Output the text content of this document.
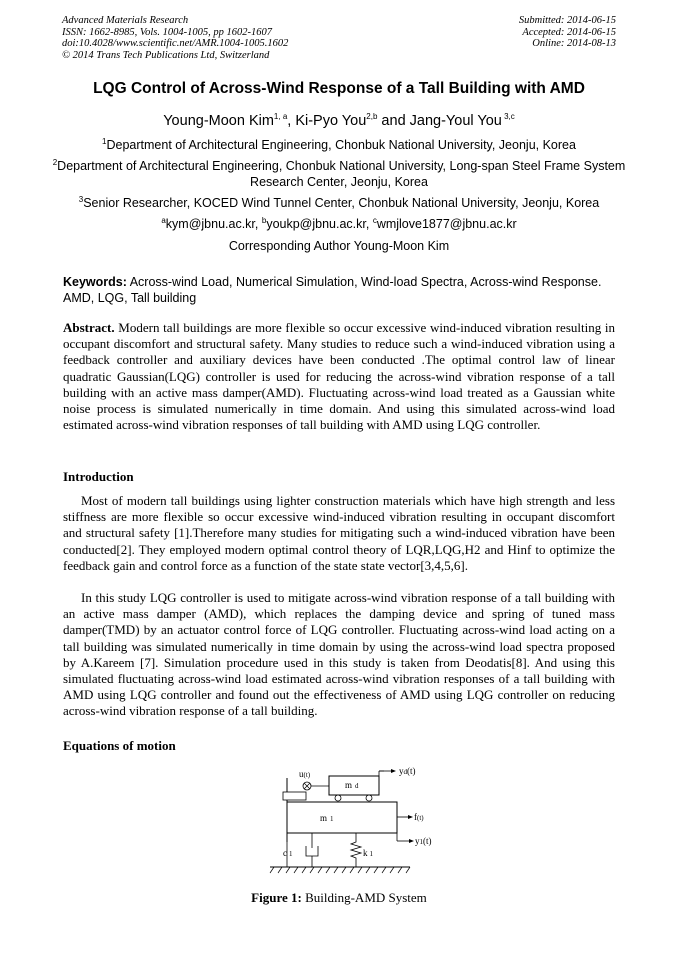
Advanced Materials Research
ISSN: 1662-8985, Vols. 1004-1005, pp 1602-1607
doi:10.4028/www.scientific.net/AMR.1004-1005.1602
© 2014 Trans Tech Publications Ltd, Switzerland
Submitted: 2014-06-15
Accepted: 2014-06-15
Online: 2014-08-13
LQG Control of Across-Wind Response of a Tall Building with AMD
Young-Moon Kim$^{1, a}$, Ki-Pyo You$^{2,b}$ and Jang-Youl You $^{3,c}$
$^1$Department of Architectural Engineering, Chonbuk National University, Jeonju, Korea
$^2$Department of Architectural Engineering, Chonbuk National University, Long-span Steel Frame System Research Center, Jeonju, Korea
$^3$Senior Researcher, KOCED Wind Tunnel Center, Chonbuk National University, Jeonju, Korea
$^a$kym@jbnu.ac.kr, $^b$youkp@jbnu.ac.kr, $^c$wmjlove1877@jbnu.ac.kr
Corresponding Author Young-Moon Kim
Keywords: Across-wind Load, Numerical Simulation, Wind-load Spectra, Across-wind Response. AMD, LQG, Tall building

Abstract. Modern tall buildings are more flexible so occur excessive wind-induced vibration resulting in occupant discomfort and structural safety. Many studies to reduce such a wind-induced vibration using a feedback controller and auxiliary devices have been conducted .The optimal control law of linear quadratic Gaussian(LQG) controller is used for reducing the across-wind vibration response of a tall building with an active mass damper(AMD). Fluctuating across-wind load treated as a Gaussian white noise process is simulated numerically in time domain. And using this simulated across-wind load estimated across-wind vibration responses of tall building with AMD using LQG controller.

Introduction

Most of modern tall buildings using lighter construction materials which have high strength and less stiffness are more flexible so occur excessive wind-induced vibration resulting in occupant discomfort and structural safety [1].Therefore many studies for mitigating such a wind-induced vibration have been conducted[2]. They employed modern optimal control theory of LQR,LQG,H2 and Hinf to optimize the feedback gain and control force as a function of the state state vector[3,4,5,6].

In this study LQG controller is used to mitigate across-wind vibration response of a tall building with an active mass damper (AMD), which replaces the damping device and spring of tuned mass damper(TMD) by an actuator control force of LQG controller. Fluctuating across-wind load acting on a tall building was simulated numerically in time domain by using the across-wind load spectra proposed by A.Kareem [7]. Simulation procedure used in this study is taken from Deodatis[8]. And using this simulated fluctuating across-wind load estimated across-wind vibration responses of a tall building with AMD using LQG controller and found out the effectiveness of AMD using LQG controller on reducing across-wind vibration response of a tall building.

Equations of motion
u(t)
m d
yd(t)
m 1	f(t)
y1(t)
c 1	k 1
Figure 1: Building-AMD System
